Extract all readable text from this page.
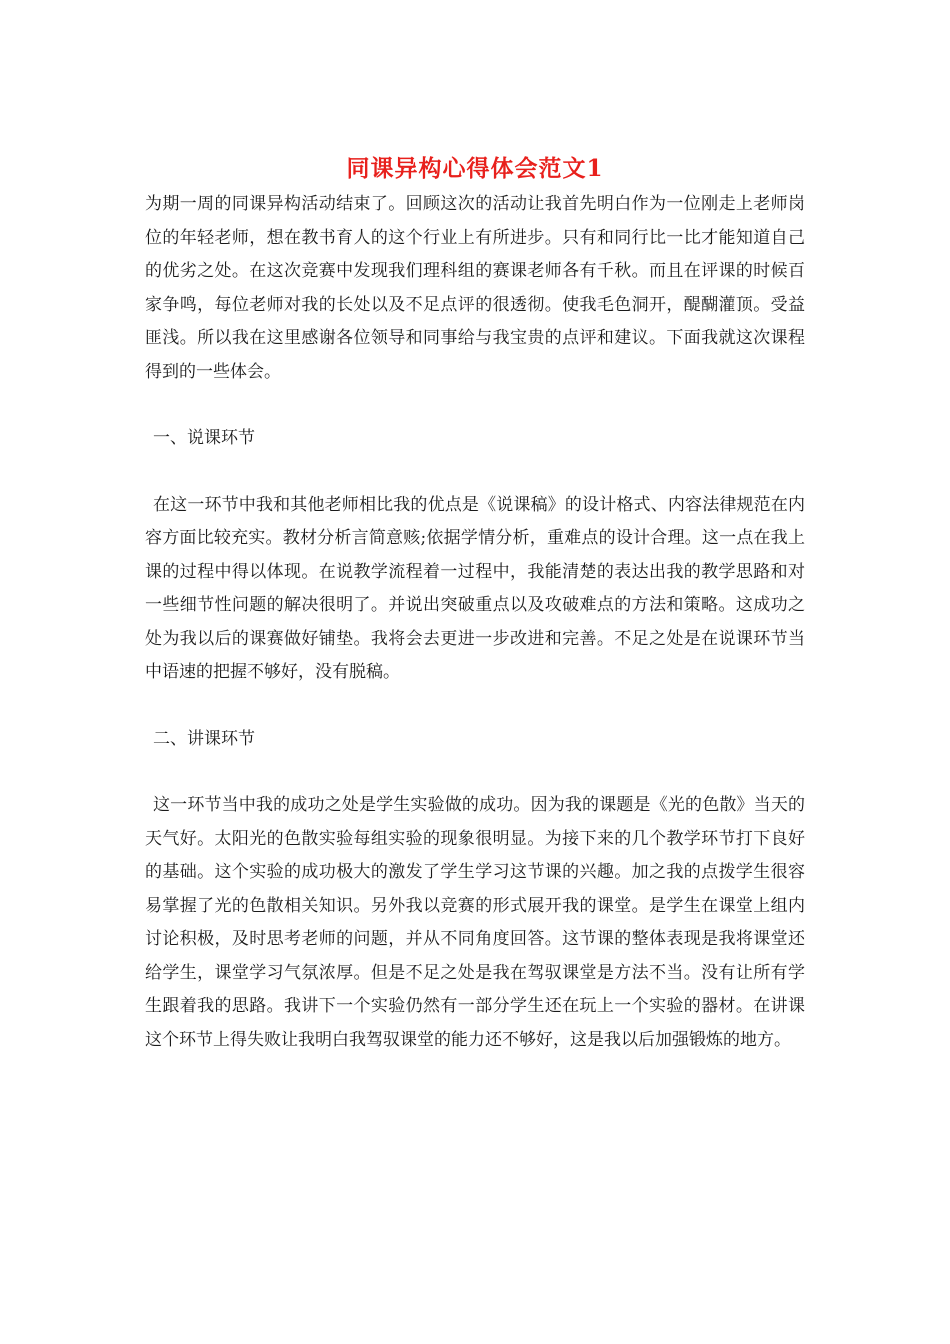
同课异构心得体会范文1

为期一周的同课异构活动结束了。回顾这次的活动让我首先明白作为一位刚走上老师岗位的年轻老师，想在教书育人的这个行业上有所进步。只有和同行比一比才能知道自己的优劣之处。在这次竞赛中发现我们理科组的赛课老师各有千秋。而且在评课的时候百家争鸣，每位老师对我的长处以及不足点评的很透彻。使我毛色洞开，醍醐灌顶。受益匪浅。所以我在这里感谢各位领导和同事给与我宝贵的点评和建议。下面我就这次课程得到的一些体会。

一、说课环节

在这一环节中我和其他老师相比我的优点是《说课稿》的设计格式、内容法律规范在内容方面比较充实。教材分析言简意赅;依据学情分析，重难点的设计合理。这一点在我上课的过程中得以体现。在说教学流程着一过程中，我能清楚的表达出我的教学思路和对一些细节性问题的解决很明了。并说出突破重点以及攻破难点的方法和策略。这成功之处为我以后的课赛做好铺垫。我将会去更进一步改进和完善。不足之处是在说课环节当中语速的把握不够好，没有脱稿。

二、讲课环节

这一环节当中我的成功之处是学生实验做的成功。因为我的课题是《光的色散》当天的天气好。太阳光的色散实验每组实验的现象很明显。为接下来的几个教学环节打下良好的基础。这个实验的成功极大的激发了学生学习这节课的兴趣。加之我的点拨学生很容易掌握了光的色散相关知识。另外我以竞赛的形式展开我的课堂。是学生在课堂上组内讨论积极，及时思考老师的问题，并从不同角度回答。这节课的整体表现是我将课堂还给学生，课堂学习气氛浓厚。但是不足之处是我在驾驭课堂是方法不当。没有让所有学生跟着我的思路。我讲下一个实验仍然有一部分学生还在玩上一个实验的器材。在讲课这个环节上得失败让我明白我驾驭课堂的能力还不够好，这是我以后加强锻炼的地方。
